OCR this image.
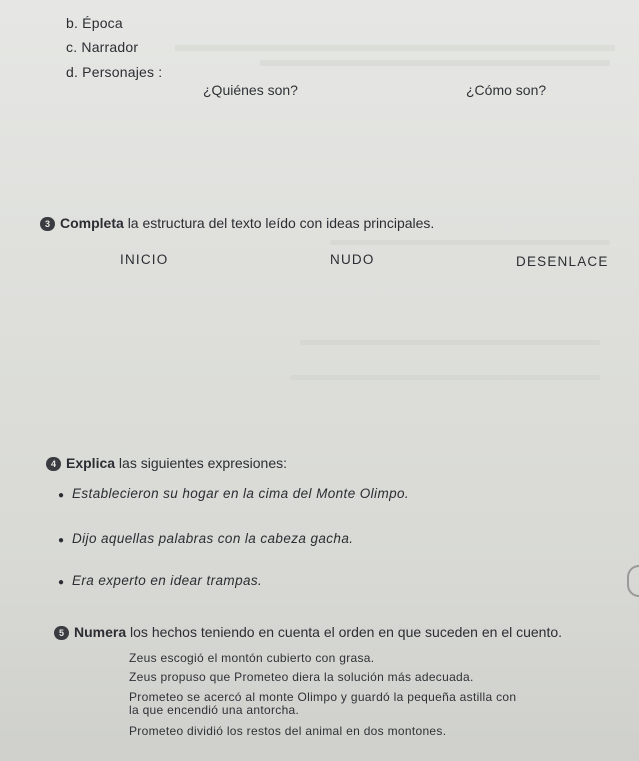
b. Época
c. Narrador
d. Personajes :
¿Quiénes son?	¿Cómo son?
3 Completa la estructura del texto leído con ideas principales.
INICIO	NUDO	DESENLACE
4 Explica las siguientes expresiones:
● Establecieron su hogar en la cima del Monte Olimpo.
● Dijo aquellas palabras con la cabeza gacha.
● Era experto en idear trampas.
5 Numera los hechos teniendo en cuenta el orden en que suceden en el cuento.
Zeus escogió el montón cubierto con grasa.
Zeus propuso que Prometeo diera la solución más adecuada.
Prometeo se acercó al monte Olimpo y guardó la pequeña astilla con
la que encendió una antorcha.
Prometeo dividió los restos del animal en dos montones.
